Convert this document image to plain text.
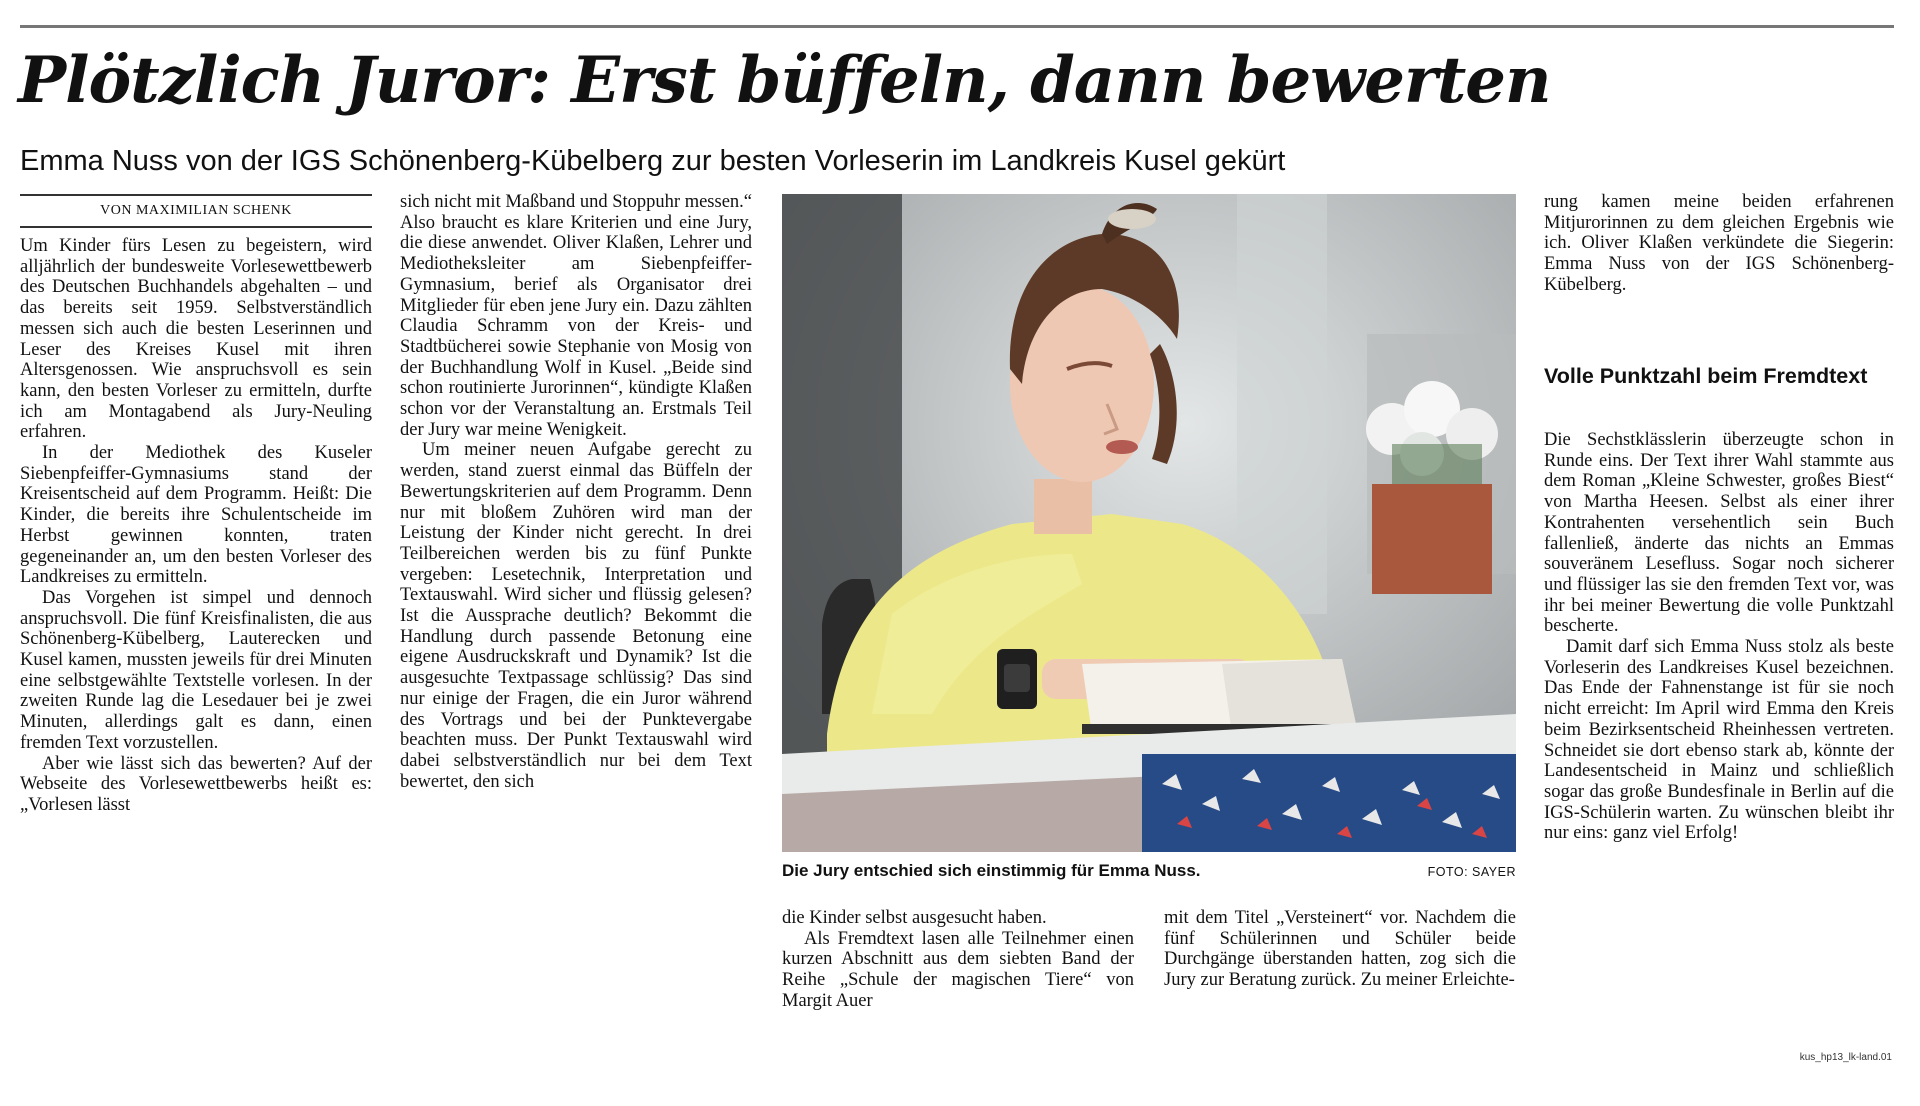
Plötzlich Juror: Erst büffeln, dann bewerten
Emma Nuss von der IGS Schönenberg-Kübelberg zur besten Vorleserin im Landkreis Kusel gekürt
VON MAXIMILIAN SCHENK

Um Kinder fürs Lesen zu begeistern, wird alljährlich der bundesweite Vorlesewettbewerb des Deutschen Buchhandels abgehalten – und das bereits seit 1959. Selbstverständlich messen sich auch die besten Leserinnen und Leser des Kreises Kusel mit ihren Altersgenossen. Wie anspruchsvoll es sein kann, den besten Vorleser zu ermitteln, durfte ich am Montagabend als Jury-Neuling erfahren.

In der Mediothek des Kuseler Siebenpfeiffer-Gymnasiums stand der Kreisentscheid auf dem Programm. Heißt: Die Kinder, die bereits ihre Schulentscheide im Herbst gewinnen konnten, traten gegeneinander an, um den besten Vorleser des Landkreises zu ermitteln.

Das Vorgehen ist simpel und dennoch anspruchsvoll. Die fünf Kreisfinalisten, die aus Schönenberg-Kübelberg, Lauterecken und Kusel kamen, mussten jeweils für drei Minuten eine selbstgewählte Textstelle vorlesen. In der zweiten Runde lag die Lesedauer bei je zwei Minuten, allerdings galt es dann, einen fremden Text vorzustellen.

Aber wie lässt sich das bewerten? Auf der Webseite des Vorlesewettbewerbs heißt es: „Vorlesen lässt

sich nicht mit Maßband und Stoppuhr messen.“ Also braucht es klare Kriterien und eine Jury, die diese anwendet. Oliver Klaßen, Lehrer und Mediotheksleiter am Siebenpfeiffer-Gymnasium, berief als Organisator drei Mitglieder für eben jene Jury ein. Dazu zählten Claudia Schramm von der Kreis- und Stadtbücherei sowie Stephanie von Mosig von der Buchhandlung Wolf in Kusel. „Beide sind schon routinierte Jurorinnen“, kündigte Klaßen schon vor der Veranstaltung an. Erstmals Teil der Jury war meine Wenigkeit.

Um meiner neuen Aufgabe gerecht zu werden, stand zuerst einmal das Büffeln der Bewertungskriterien auf dem Programm. Denn nur mit bloßem Zuhören wird man der Leistung der Kinder nicht gerecht. In drei Teilbereichen werden bis zu fünf Punkte vergeben: Lesetechnik, Interpretation und Textauswahl. Wird sicher und flüssig gelesen? Ist die Aussprache deutlich? Bekommt die Handlung durch passende Betonung eine eigene Ausdruckskraft und Dynamik? Ist die ausgesuchte Textpassage schlüssig? Das sind nur einige der Fragen, die ein Juror während des Vortrags und bei der Punktevergabe beachten muss. Der Punkt Textauswahl wird dabei selbstverständlich nur bei dem Text bewertet, den sich

Die Jury entschied sich einstimmig für Emma Nuss.	FOTO: SAYER

die Kinder selbst ausgesucht haben.

Als Fremdtext lasen alle Teilnehmer einen kurzen Abschnitt aus dem siebten Band der Reihe „Schule der magischen Tiere“ von Margit Auer

mit dem Titel „Versteinert“ vor. Nachdem die fünf Schülerinnen und Schüler beide Durchgänge überstanden hatten, zog sich die Jury zur Beratung zurück. Zu meiner Erleichte-

rung kamen meine beiden erfahrenen Mitjurorinnen zu dem gleichen Ergebnis wie ich. Oliver Klaßen verkündete die Siegerin: Emma Nuss von der IGS Schönenberg-Kübelberg.

Volle Punktzahl beim Fremdtext

Die Sechstklässlerin überzeugte schon in Runde eins. Der Text ihrer Wahl stammte aus dem Roman „Kleine Schwester, großes Biest“ von Martha Heesen. Selbst als einer ihrer Kontrahenten versehentlich sein Buch fallenließ, änderte das nichts an Emmas souveränem Lesefluss. Sogar noch sicherer und flüssiger las sie den fremden Text vor, was ihr bei meiner Bewertung die volle Punktzahl bescherte.

Damit darf sich Emma Nuss stolz als beste Vorleserin des Landkreises Kusel bezeichnen. Das Ende der Fahnenstange ist für sie noch nicht erreicht: Im April wird Emma den Kreis beim Bezirksentscheid Rheinhessen vertreten. Schneidet sie dort ebenso stark ab, könnte der Landesentscheid in Mainz und schließlich sogar das große Bundesfinale in Berlin auf die IGS-Schülerin warten. Zu wünschen bleibt ihr nur eins: ganz viel Erfolg!

kus_hp13_lk-land.01
